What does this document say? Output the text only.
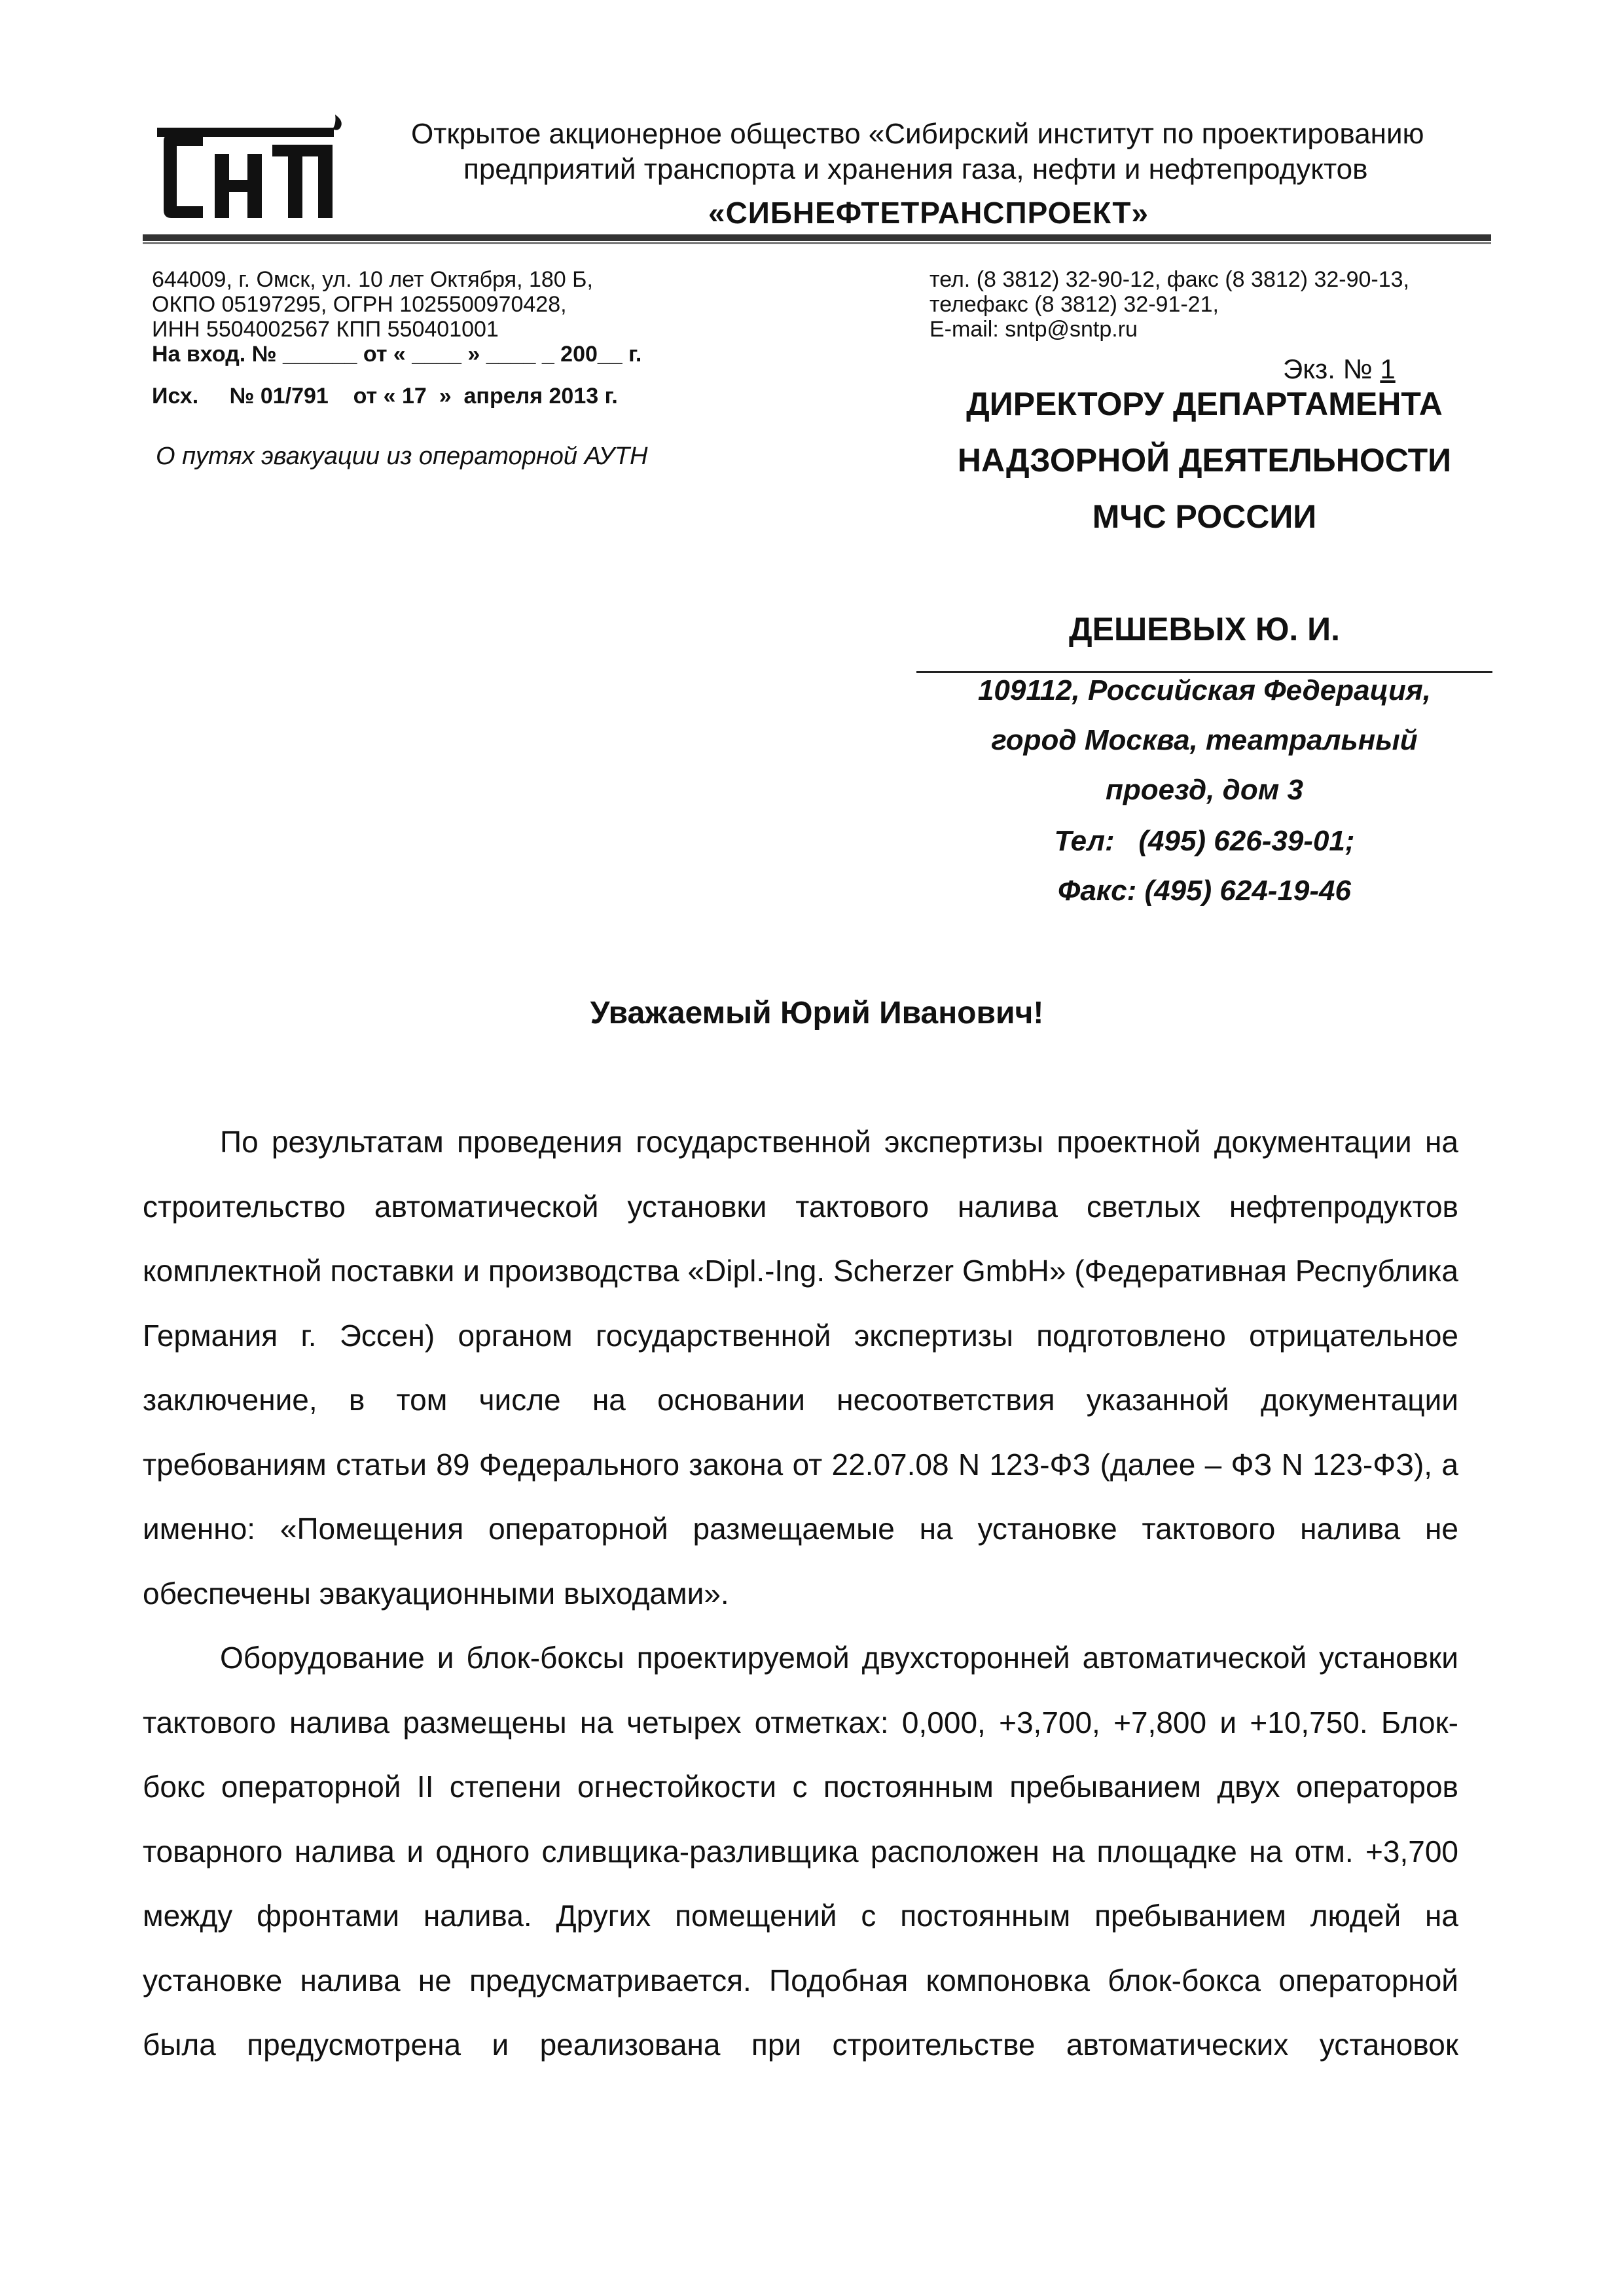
Открытое акционерное общество «Сибирский институт по проектированию
предприятий транспорта и хранения газа, нефти и нефтепродуктов
«СИБНЕФТЕТРАНСПРОЕКТ»
644009, г. Омск, ул. 10 лет Октября, 180 Б,
ОКПО 05197295, ОГРН 1025500970428,
ИНН 5504002567 КПП 550401001
На вход. № ______ от « ____ » ____ _ 200__ г.
Исх.     № 01/791    от « 17  »  апреля 2013 г.
тел. (8 3812) 32-90-12, факс (8 3812) 32-90-13,
телефакс (8 3812) 32-91-21,
E-mail: sntp@sntp.ru
О путях эвакуации из операторной АУТН
Экз. № 1
ДИРЕКТОРУ ДЕПАРТАМЕНТА
НАДЗОРНОЙ ДЕЯТЕЛЬНОСТИ
МЧС РОССИИ
ДЕШЕВЫХ Ю. И.
109112, Российская Федерация,
город Москва, театральный
проезд, дом 3
Тел:   (495) 626-39-01;
Факс: (495) 624-19-46
Уважаемый Юрий Иванович!

По результатам проведения государственной экспертизы проектной документации на строительство автоматической установки тактового налива светлых нефтепродуктов комплектной поставки и производства «Dipl.-Ing. Scherzer GmbH» (Федеративная Республика Германия г. Эссен) органом государственной экспертизы подготовлено отрицательное заключение, в том числе на основании несоответствия указанной документации требованиям статьи 89 Федерального закона от 22.07.08 N 123-ФЗ (далее – ФЗ N 123-ФЗ), а именно: «Помещения операторной размещаемые на установке тактового налива не обеспечены эвакуационными выходами».

Оборудование и блок-боксы проектируемой двухсторонней автоматической установки тактового налива размещены на четырех отметках: 0,000, +3,700, +7,800 и +10,750. Блок-бокс операторной II степени огнестойкости с постоянным пребыванием двух операторов товарного налива и одного сливщика-разливщика расположен на площадке на отм. +3,700 между фронтами налива. Других помещений с постоянным пребыванием людей на установке налива не предусматривается. Подобная компоновка блок-бокса операторной была предусмотрена и реализована при строительстве автоматических установок
